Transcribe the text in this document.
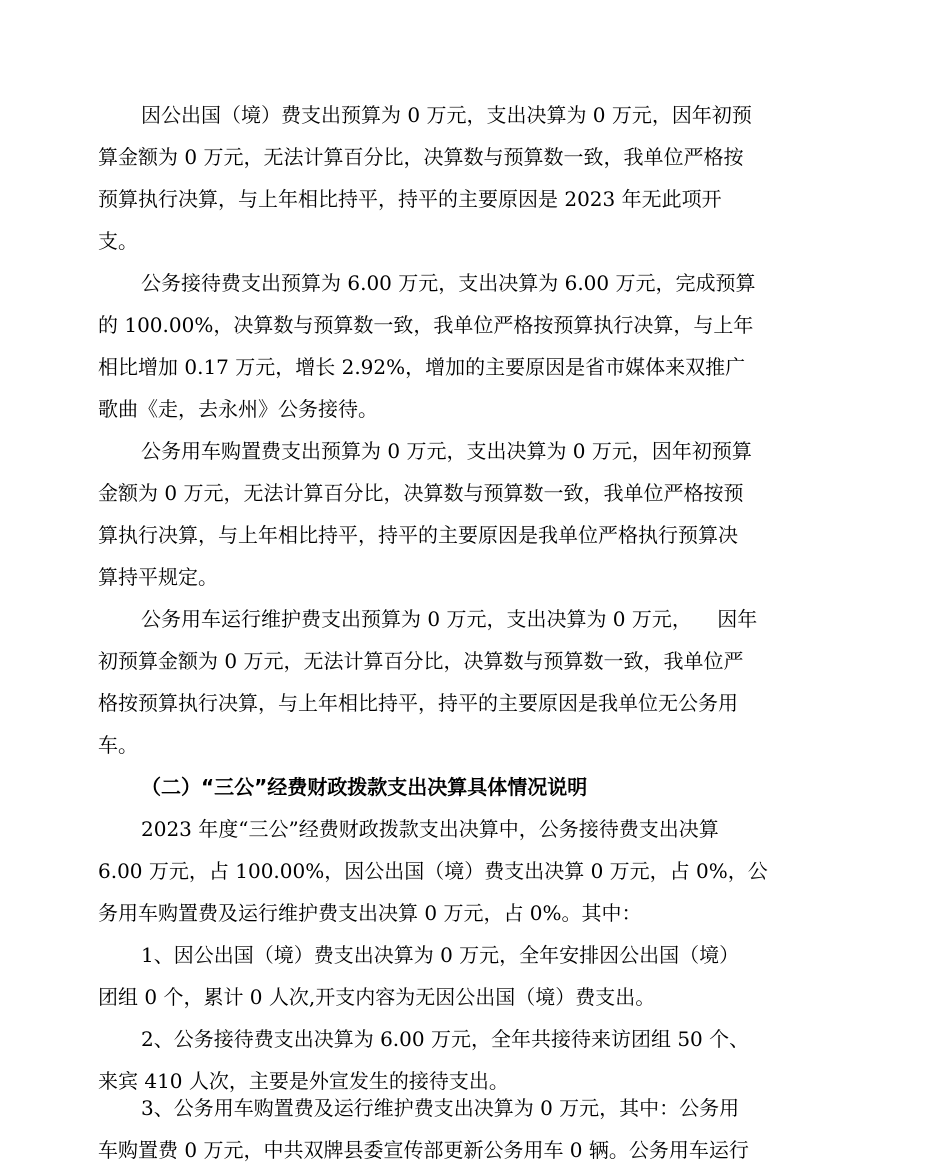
因公出国（境）费支出预算为 0 万元，支出决算为 0 万元，因年初预

算金额为 0 万元，无法计算百分比，决算数与预算数一致，我单位严格按

预算执行决算，与上年相比持平，持平的主要原因是 2023 年无此项开

支。

公务接待费支出预算为 6.00 万元，支出决算为 6.00 万元，完成预算

的 100.00%，决算数与预算数一致，我单位严格按预算执行决算，与上年

相比增加 0.17 万元，增长 2.92%，增加的主要原因是省市媒体来双推广

歌曲《走，去永州》公务接待。

公务用车购置费支出预算为 0 万元，支出决算为 0 万元，因年初预算

金额为 0 万元，无法计算百分比，决算数与预算数一致，我单位严格按预

算执行决算，与上年相比持平，持平的主要原因是我单位严格执行预算决

算持平规定。

公务用车运行维护费支出预算为 0 万元，支出决算为 0 万元，    因年

初预算金额为 0 万元，无法计算百分比，决算数与预算数一致，我单位严

格按预算执行决算，与上年相比持平，持平的主要原因是我单位无公务用

车。

（二）“三公”经费财政拨款支出决算具体情况说明

2023 年度“三公”经费财政拨款支出决算中，公务接待费支出决算

6.00 万元，占 100.00%，因公出国（境）费支出决算 0 万元，占 0%，公

务用车购置费及运行维护费支出决算 0 万元，占 0%。其中：

1、因公出国（境）费支出决算为 0 万元，全年安排因公出国（境）

团组 0 个，累计 0 人次,开支内容为无因公出国（境）费支出。

2、公务接待费支出决算为 6.00 万元，全年共接待来访团组 50 个、

来宾 410 人次，主要是外宣发生的接待支出。

3、公务用车购置费及运行维护费支出决算为 0 万元，其中：公务用

车购置费 0 万元，中共双牌县委宣传部更新公务用车 0 辆。公务用车运行
